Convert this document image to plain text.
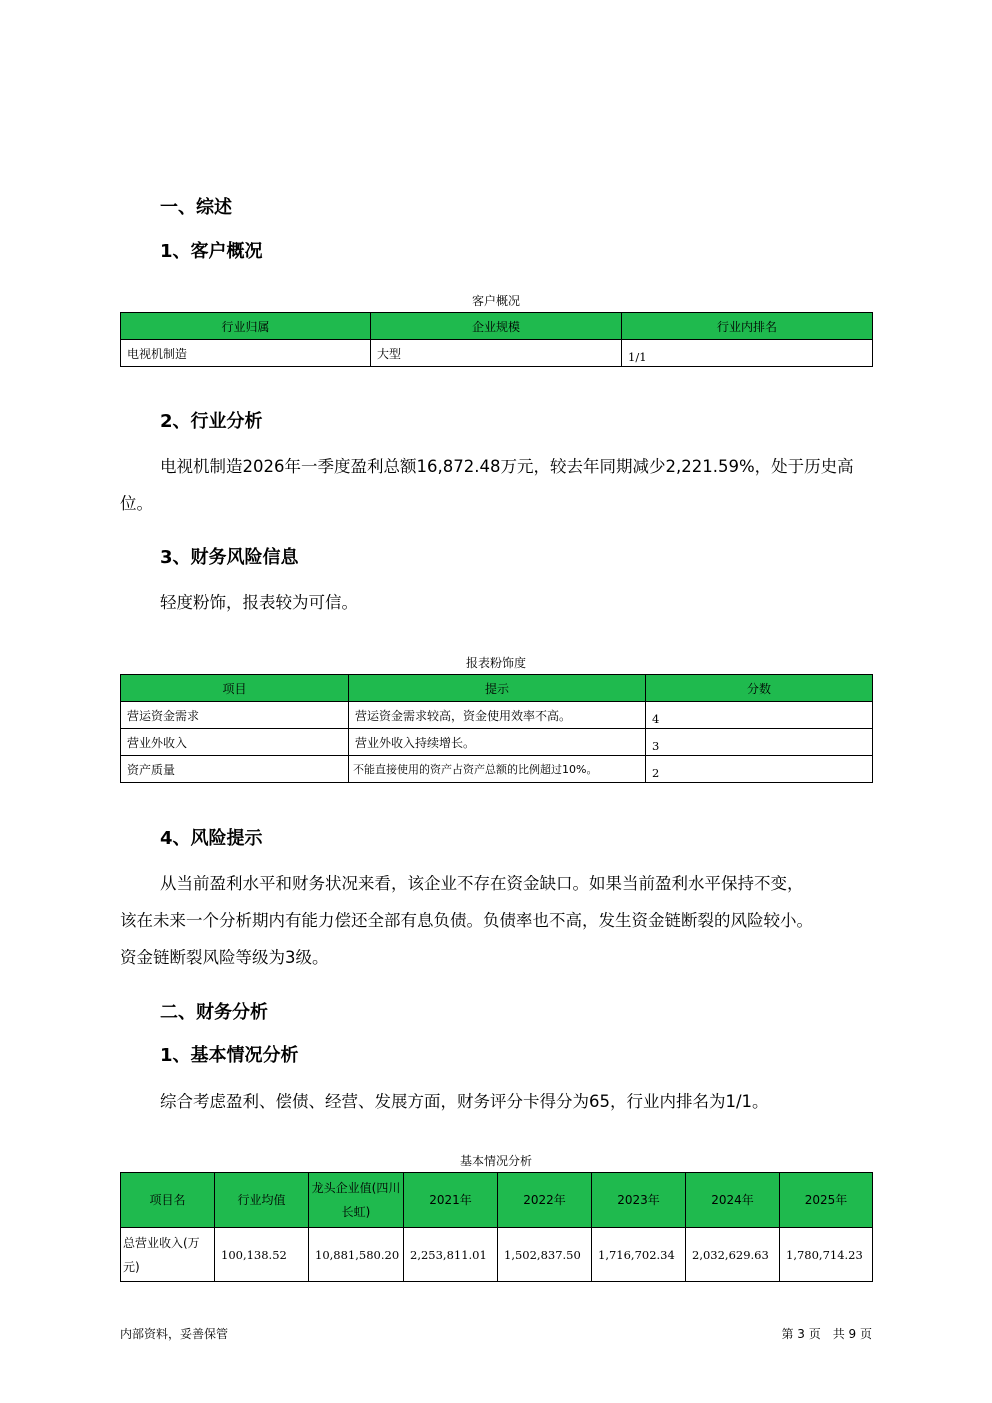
一、综述
1、客户概况
客户概况
行业归属	企业规模	行业内排名
电视机制造	大型	1/1
2、行业分析
电视机制造2026年一季度盈利总额16,872.48万元，较去年同期减少2,221.59%，处于历史高
位。
3、财务风险信息
轻度粉饰，报表较为可信。
报表粉饰度
项目	提示	分数
营运资金需求	营运资金需求较高，资金使用效率不高。	4
营业外收入	营业外收入持续增长。	3
资产质量	不能直接使用的资产占资产总额的比例超过10%。	2
4、风险提示
从当前盈利水平和财务状况来看，该企业不存在资金缺口。如果当前盈利水平保持不变，
该在未来一个分析期内有能力偿还全部有息负债。负债率也不高，发生资金链断裂的风险较小。
资金链断裂风险等级为3级。
二、财务分析
1、基本情况分析
综合考虑盈利、偿债、经营、发展方面，财务评分卡得分为65，行业内排名为1/1。
基本情况分析
项目名	行业均值	龙头企业值(四川长虹)	2021年	2022年	2023年	2024年	2025年
总营业收入(万元)	100,138.52	10,881,580.20	2,253,811.01	1,502,837.50	1,716,702.34	2,032,629.63	1,780,714.23
内部资料，妥善保管	第 3 页　共 9 页
